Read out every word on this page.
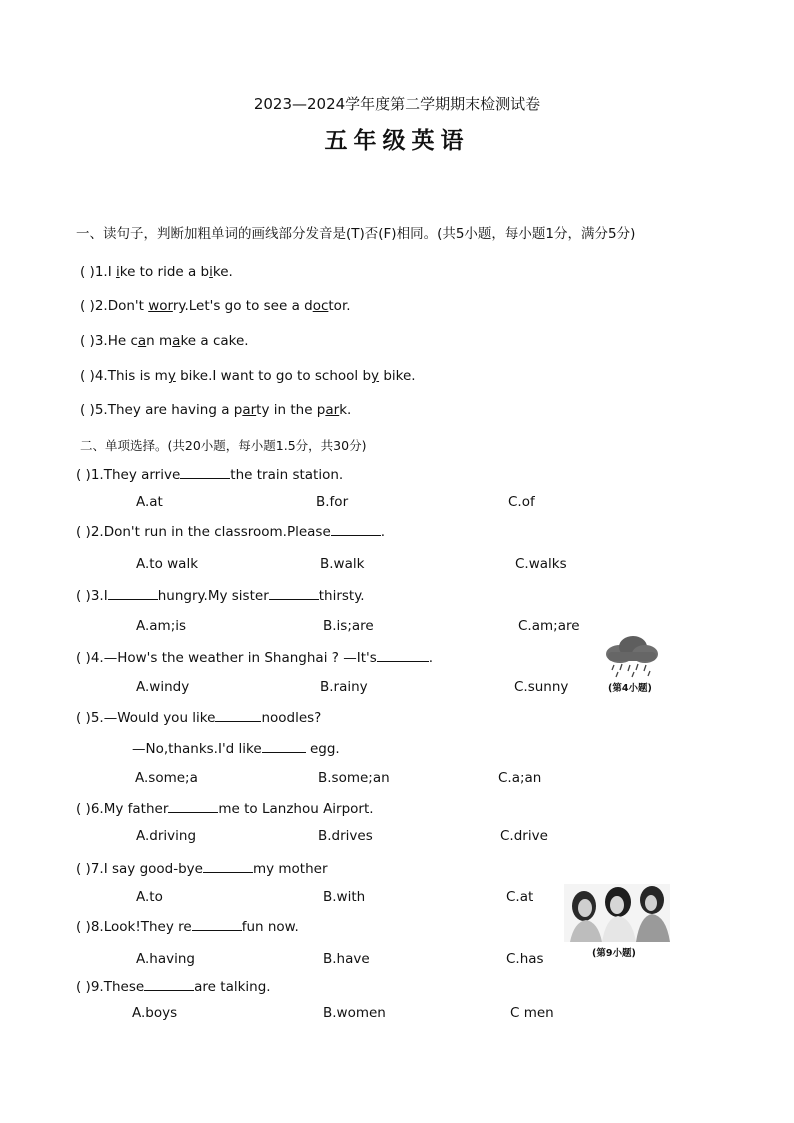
2023—2024学年度第二学期期末检测试卷
五年级英语
一、读句子，判断加粗单词的画线部分发音是(T)否(F)相同。(共5小题，每小题1分，满分5分)
( )1.I ike to ride a bike.
( )2.Don't worry.Let's go to see a doctor.
( )3.He can make a cake.
( )4.This is my bike.I want to go to school by bike.
( )5.They are having a party in the park.
二、单项选择。(共20小题，每小题1.5分，共30分)
( )1.They arrive	the train station.
A.at	B.for	C.of
( )2.Don't run in the classroom.Please	.
A.to walk	B.walk	C.walks
( )3.I	hungry.My sister	thirsty.
A.am;is	B.is;are	C.am;are
( )4.—How's the weather in Shanghai ? —It's	.
A.windy	B.rainy	C.sunny	(第4小题)
( )5.—Would you like	noodles?
—No,thanks.I'd like	egg.
A.some;a	B.some;an	C.a;an
( )6.My father	me to Lanzhou Airport.
A.driving	B.drives	C.drive
( )7.I say good-bye	my mother
A.to	B.with	C.at
(第9小题)
( )8.Look!They re	fun now.
A.having	B.have	C.has
( )9.These	are talking.
A.boys	B.women	C men
